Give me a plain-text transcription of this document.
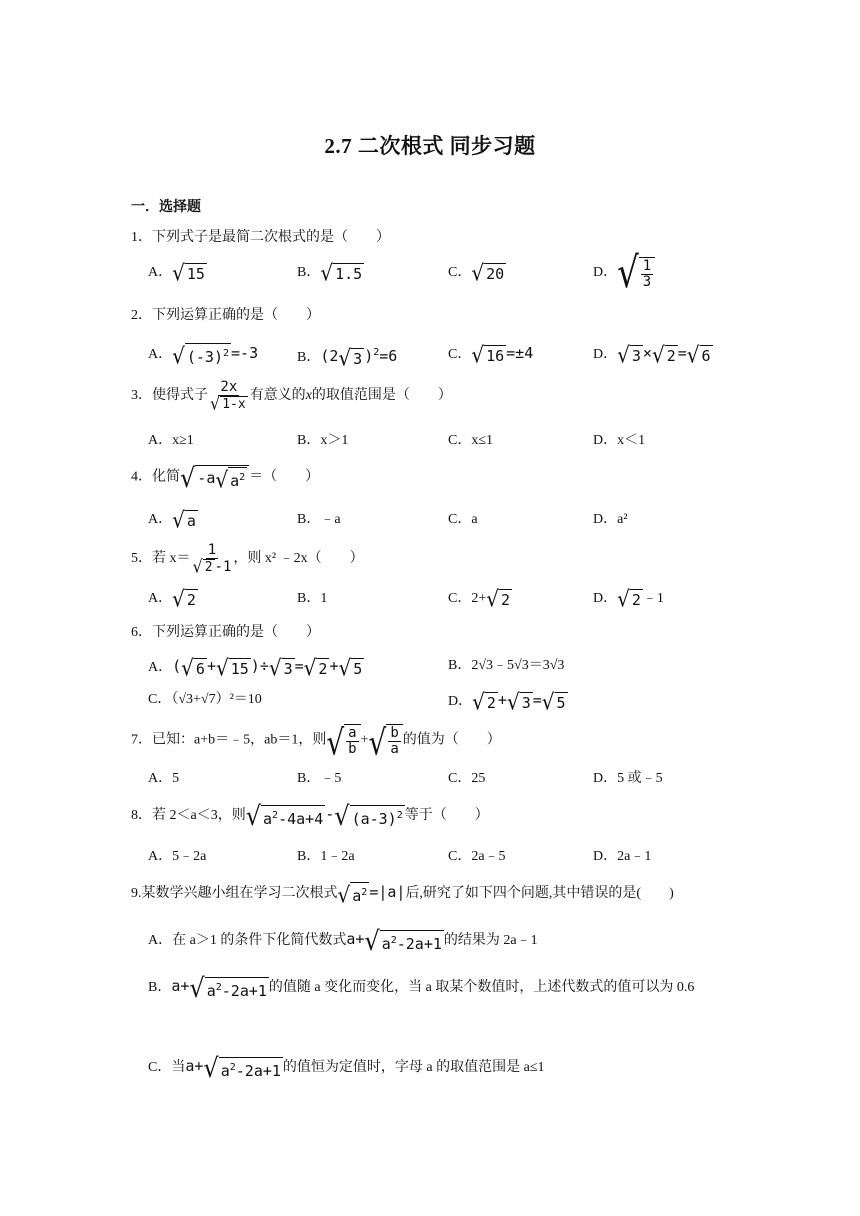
2.7 二次根式 同步习题
一．选择题
1．下列式子是最简二次根式的是（　　）
A． √ 15	B． √ 1.5	C． √ 20	D． √ $\frac{1}{3}$
2．下列运算正确的是（　　）
A． √ $(-3)^2 =-3$	B．(2 √ 3 )$^2$=6	C． √ 16 =±4	D． √ 3 × √ 2 = √ 6
3．使得式子 $\frac{2x}{√ 1-x}$ 有意义的x的取值范围是（　　）
A．x≥1	B．x＞1	C．x≤1	D．x＜1
4．化简 √ -a √ $a^2$ ＝（　　）
A． √ a	B．﹣a	C．a	D．a²
5．若 $x= \frac{1}{√ 2 -1}$ ，则 x² ﹣2x（　　）
A． √ 2	B．1	C．2+ √ 2	D． √ 2 ﹣1
6．下列运算正确的是（　　）
A．( √ 6 + √ 15 )÷ √ 3 = √ 2 + √ 5	B．2√3﹣5√3＝3√3
C．（√3+√7）²＝10	D． √ 2 + √ 3 = √ 5
7．已知：a+b＝﹣5，ab＝1，则 √ $\frac{a}{b}$ + √ $\frac{b}{a}$ 的值为（　　）
A．5	B．﹣5	C．25	D．5 或﹣5
8．若 2＜a＜3，则 √ $a^2-4a+4$ - √ $(a-3)^2$ 等于（　　）
A．5﹣2a	B．1﹣2a	C．2a﹣5	D．2a﹣1
9.某数学兴趣小组在学习二次根式 √ $a^2 =|a|$后,研究了如下四个问题,其中错误的是(　　)
A．在 a＞1 的条件下化简代数式a+ √ $a^2-2a+1$ 的结果为 2a﹣1
B．a+ √ $a^2-2a+1$ 的值随 a 变化而变化，当 a 取某个数值时，上述代数式的值可以为 0.6
C．当a+ √ $a^2-2a+1$ 的值恒为定值时，字母 a 的取值范围是 a≤1
